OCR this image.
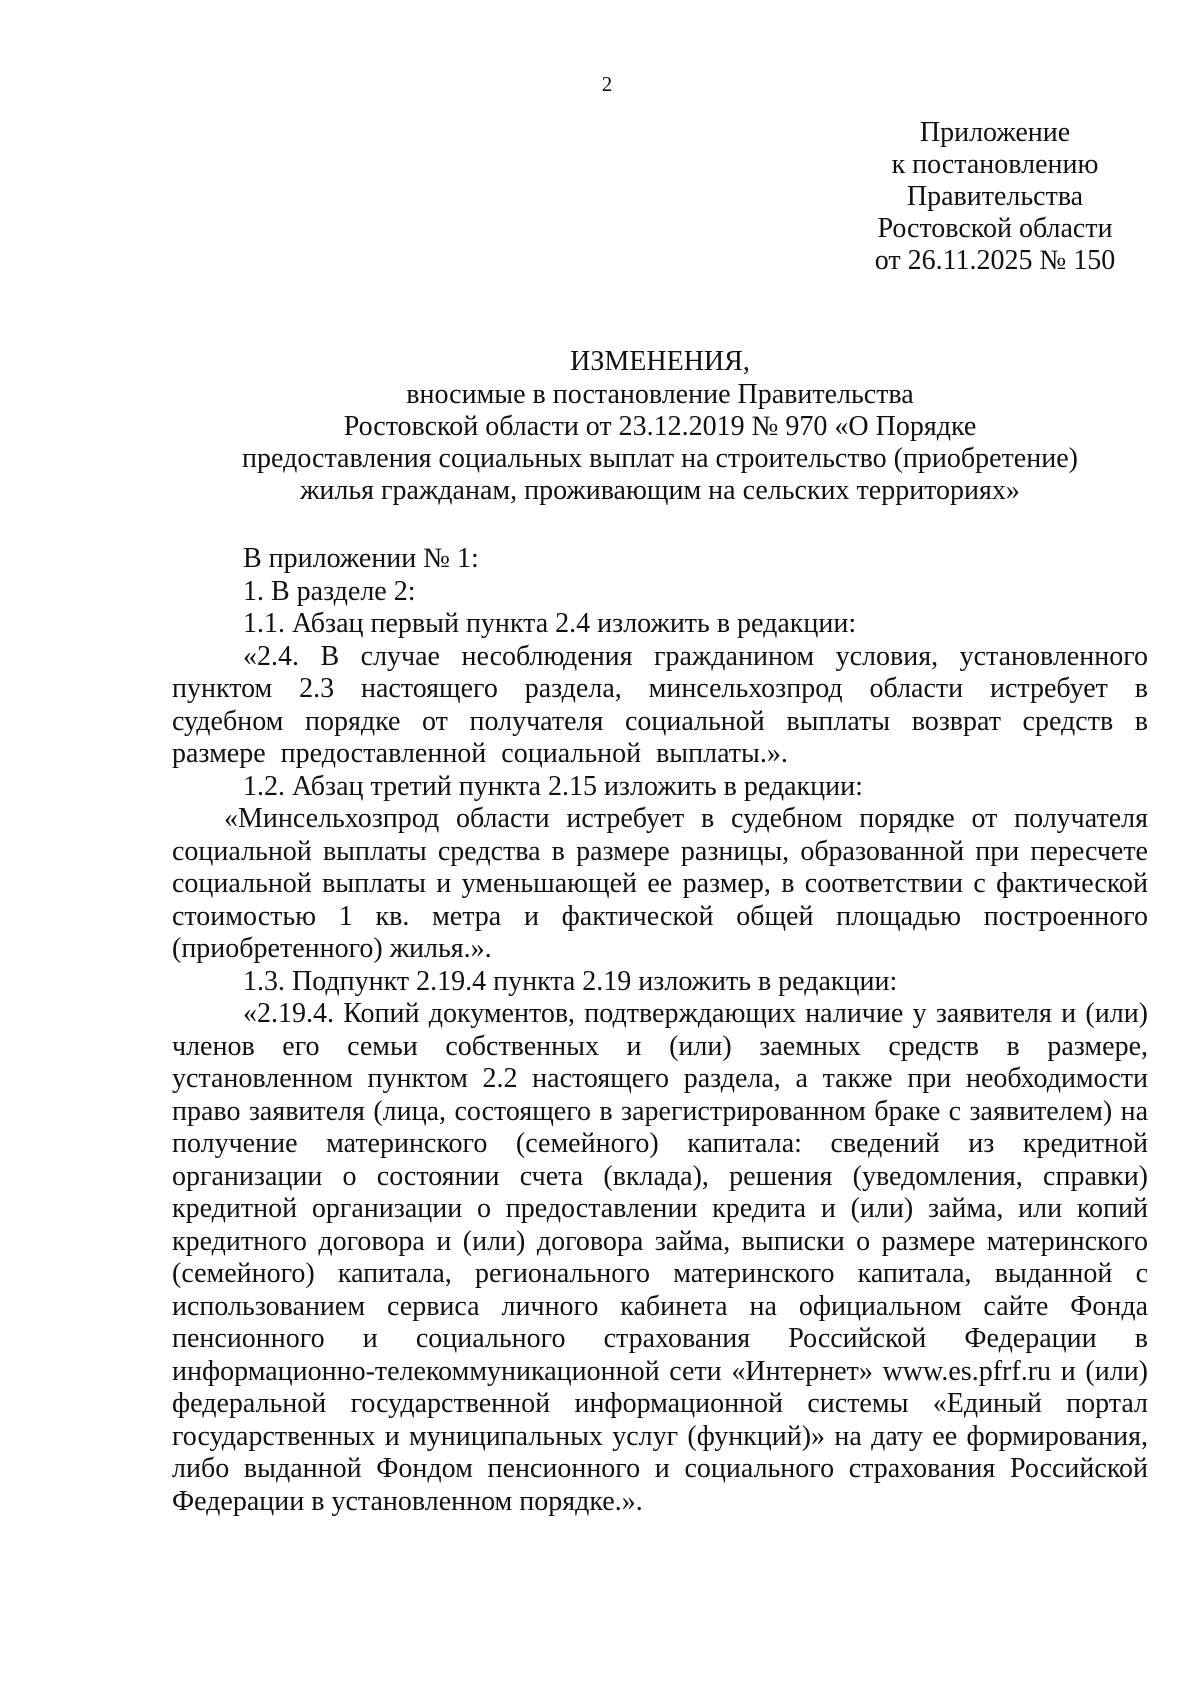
2
Приложение
к постановлению
Правительства
Ростовской области
от 26.11.2025 № 150
ИЗМЕНЕНИЯ,
вносимые в постановление Правительства
Ростовской области от 23.12.2019 № 970 «О Порядке
предоставления социальных выплат на строительство (приобретение)
жилья гражданам, проживающим на сельских территориях»

В приложении № 1:

1. В разделе 2:

1.1. Абзац первый пункта 2.4 изложить в редакции:

«2.4. В случае несоблюдения гражданином условия, установленного пунктом 2.3 настоящего раздела, минсельхозпрод области истребует в судебном порядке от получателя социальной выплаты возврат средств в размере предоставленной социальной выплаты.».

1.2. Абзац третий пункта 2.15 изложить в редакции:

«Минсельхозпрод области истребует в судебном порядке от получателя социальной выплаты средства в размере разницы, образованной при пересчете социальной выплаты и уменьшающей ее размер, в соответствии с фактической стоимостью 1 кв. метра и фактической общей площадью построенного (приобретенного) жилья.».

1.3. Подпункт 2.19.4 пункта 2.19 изложить в редакции:

«2.19.4. Копий документов, подтверждающих наличие у заявителя и (или) членов его семьи собственных и (или) заемных средств в размере, установленном пунктом 2.2 настоящего раздела, а также при необходимости право заявителя (лица, состоящего в зарегистрированном браке с заявителем) на получение материнского (семейного) капитала: сведений из кредитной организации о состоянии счета (вклада), решения (уведомления, справки) кредитной организации о предоставлении кредита и (или) займа, или копий кредитного договора и (или) договора займа, выписки о размере материнского (семейного) капитала, регионального материнского капитала, выданной с использованием сервиса личного кабинета на официальном сайте Фонда пенсионного и социального страхования Российской Федерации в информационно-телекоммуникационной сети «Интернет» www.es.pfrf.ru и (или) федеральной государственной информационной системы «Единый портал государственных и муниципальных услуг (функций)» на дату ее формирования, либо выданной Фондом пенсионного и социального страхования Российской Федерации в установленном порядке.».
